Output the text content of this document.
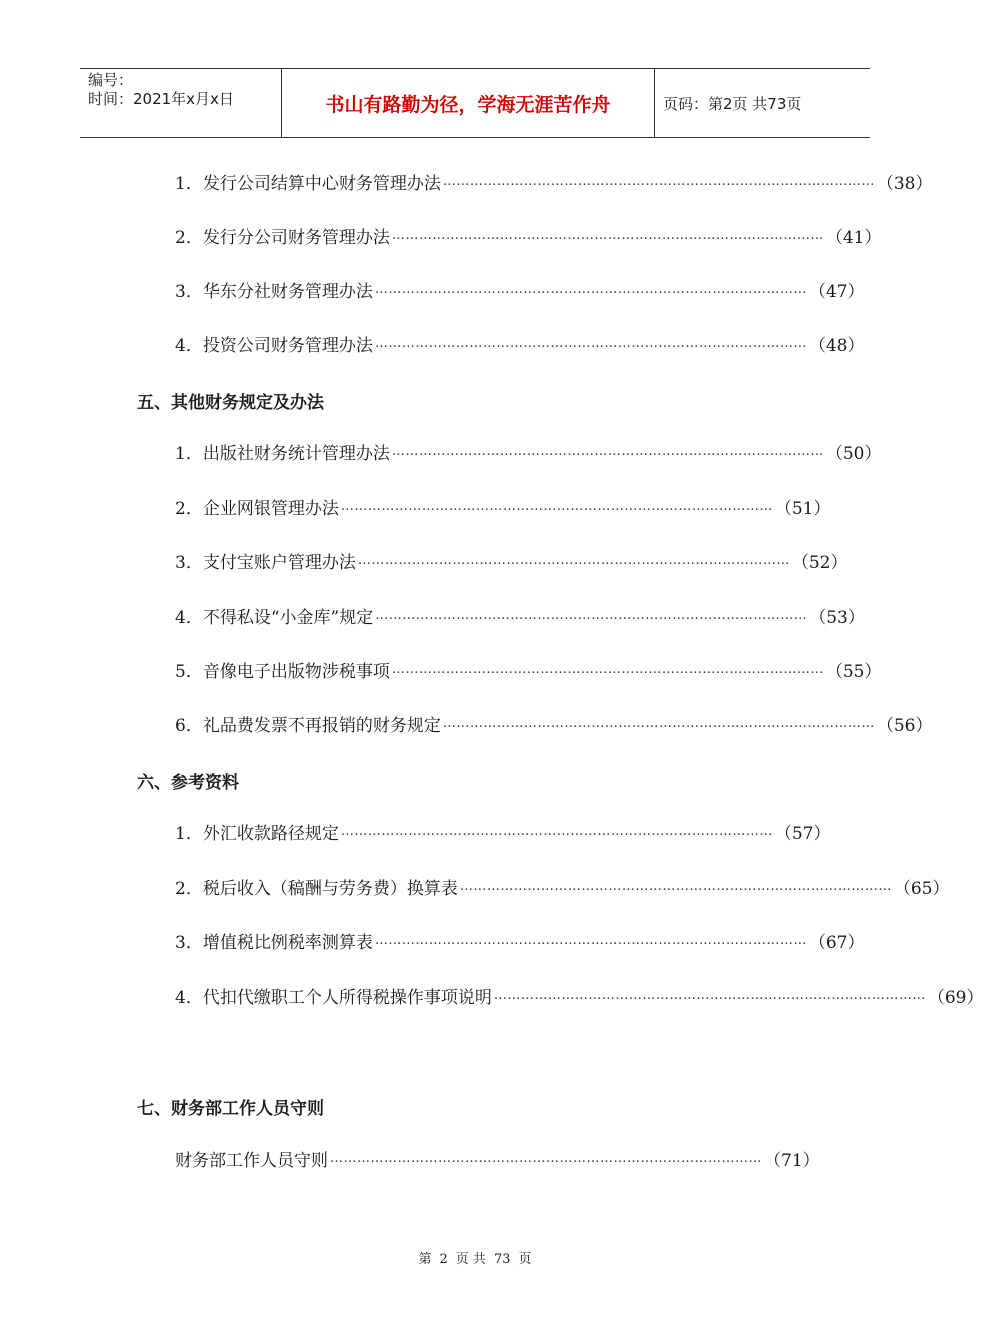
编号：
时间：2021年x月x日	书山有路勤为径，学海无涯苦作舟	页码：第2页 共73页
五、其他财务规定及办法
六、参考资料
七、财务部工作人员守则
1． 发行公司结算中心财务管理办法 …………………………………………………………………………………… （38）
2． 发行分公司财务管理办法 …………………………………………………………………………………… （41）
3． 华东分社财务管理办法 …………………………………………………………………………………… （47）
4． 投资公司财务管理办法 …………………………………………………………………………………… （48）
1． 出版社财务统计管理办法 …………………………………………………………………………………… （50）
2． 企业网银管理办法 …………………………………………………………………………………… （51）
3． 支付宝账户管理办法 …………………………………………………………………………………… （52）
4． 不得私设“小金库”规定 …………………………………………………………………………………… （53）
5． 音像电子出版物涉税事项 …………………………………………………………………………………… （55）
6． 礼品费发票不再报销的财务规定 …………………………………………………………………………………… （56）
1． 外汇收款路径规定 …………………………………………………………………………………… （57）
2． 税后收入（稿酬与劳务费）换算表 …………………………………………………………………………………… （65）
3． 增值税比例税率测算表 …………………………………………………………………………………… （67）
4． 代扣代缴职工个人所得税操作事项说明 …………………………………………………………………………………… （69）
财务部工作人员守则 …………………………………………………………………………………… （71）
第 2 页 共 73 页
